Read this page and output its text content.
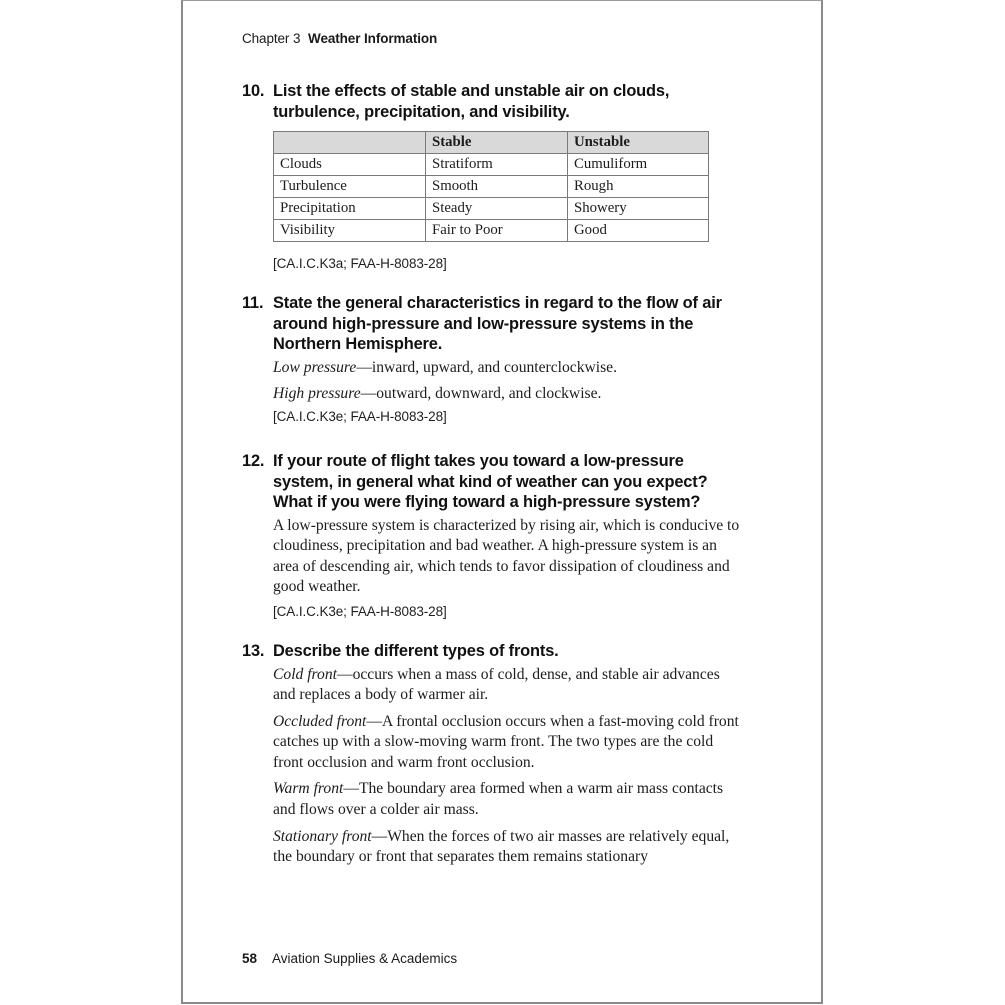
Chapter 3 Weather Information
10. List the effects of stable and unstable air on clouds, turbulence, precipitation, and visibility.
	Stable	Unstable
Clouds	Stratiform	Cumuliform
Turbulence	Smooth	Rough
Precipitation	Steady	Showery
Visibility	Fair to Poor	Good
[CA.I.C.K3a; FAA-H-8083-28]
11. State the general characteristics in regard to the flow of air around high-pressure and low-pressure systems in the Northern Hemisphere.

Low pressure—inward, upward, and counterclockwise.

High pressure—outward, downward, and clockwise.

[CA.I.C.K3e; FAA-H-8083-28]
12. If your route of flight takes you toward a low-pressure system, in general what kind of weather can you expect? What if you were flying toward a high-pressure system?

A low-pressure system is characterized by rising air, which is conducive to cloudiness, precipitation and bad weather. A high-pressure system is an area of descending air, which tends to favor dissipation of cloudiness and good weather.

[CA.I.C.K3e; FAA-H-8083-28]
13. Describe the different types of fronts.

Cold front—occurs when a mass of cold, dense, and stable air advances and replaces a body of warmer air.

Occluded front—A frontal occlusion occurs when a fast-moving cold front catches up with a slow-moving warm front. The two types are the cold front occlusion and warm front occlusion.

Warm front—The boundary area formed when a warm air mass contacts and flows over a colder air mass.

Stationary front—When the forces of two air masses are relatively equal, the boundary or front that separates them remains stationary

58 Aviation Supplies & Academics
